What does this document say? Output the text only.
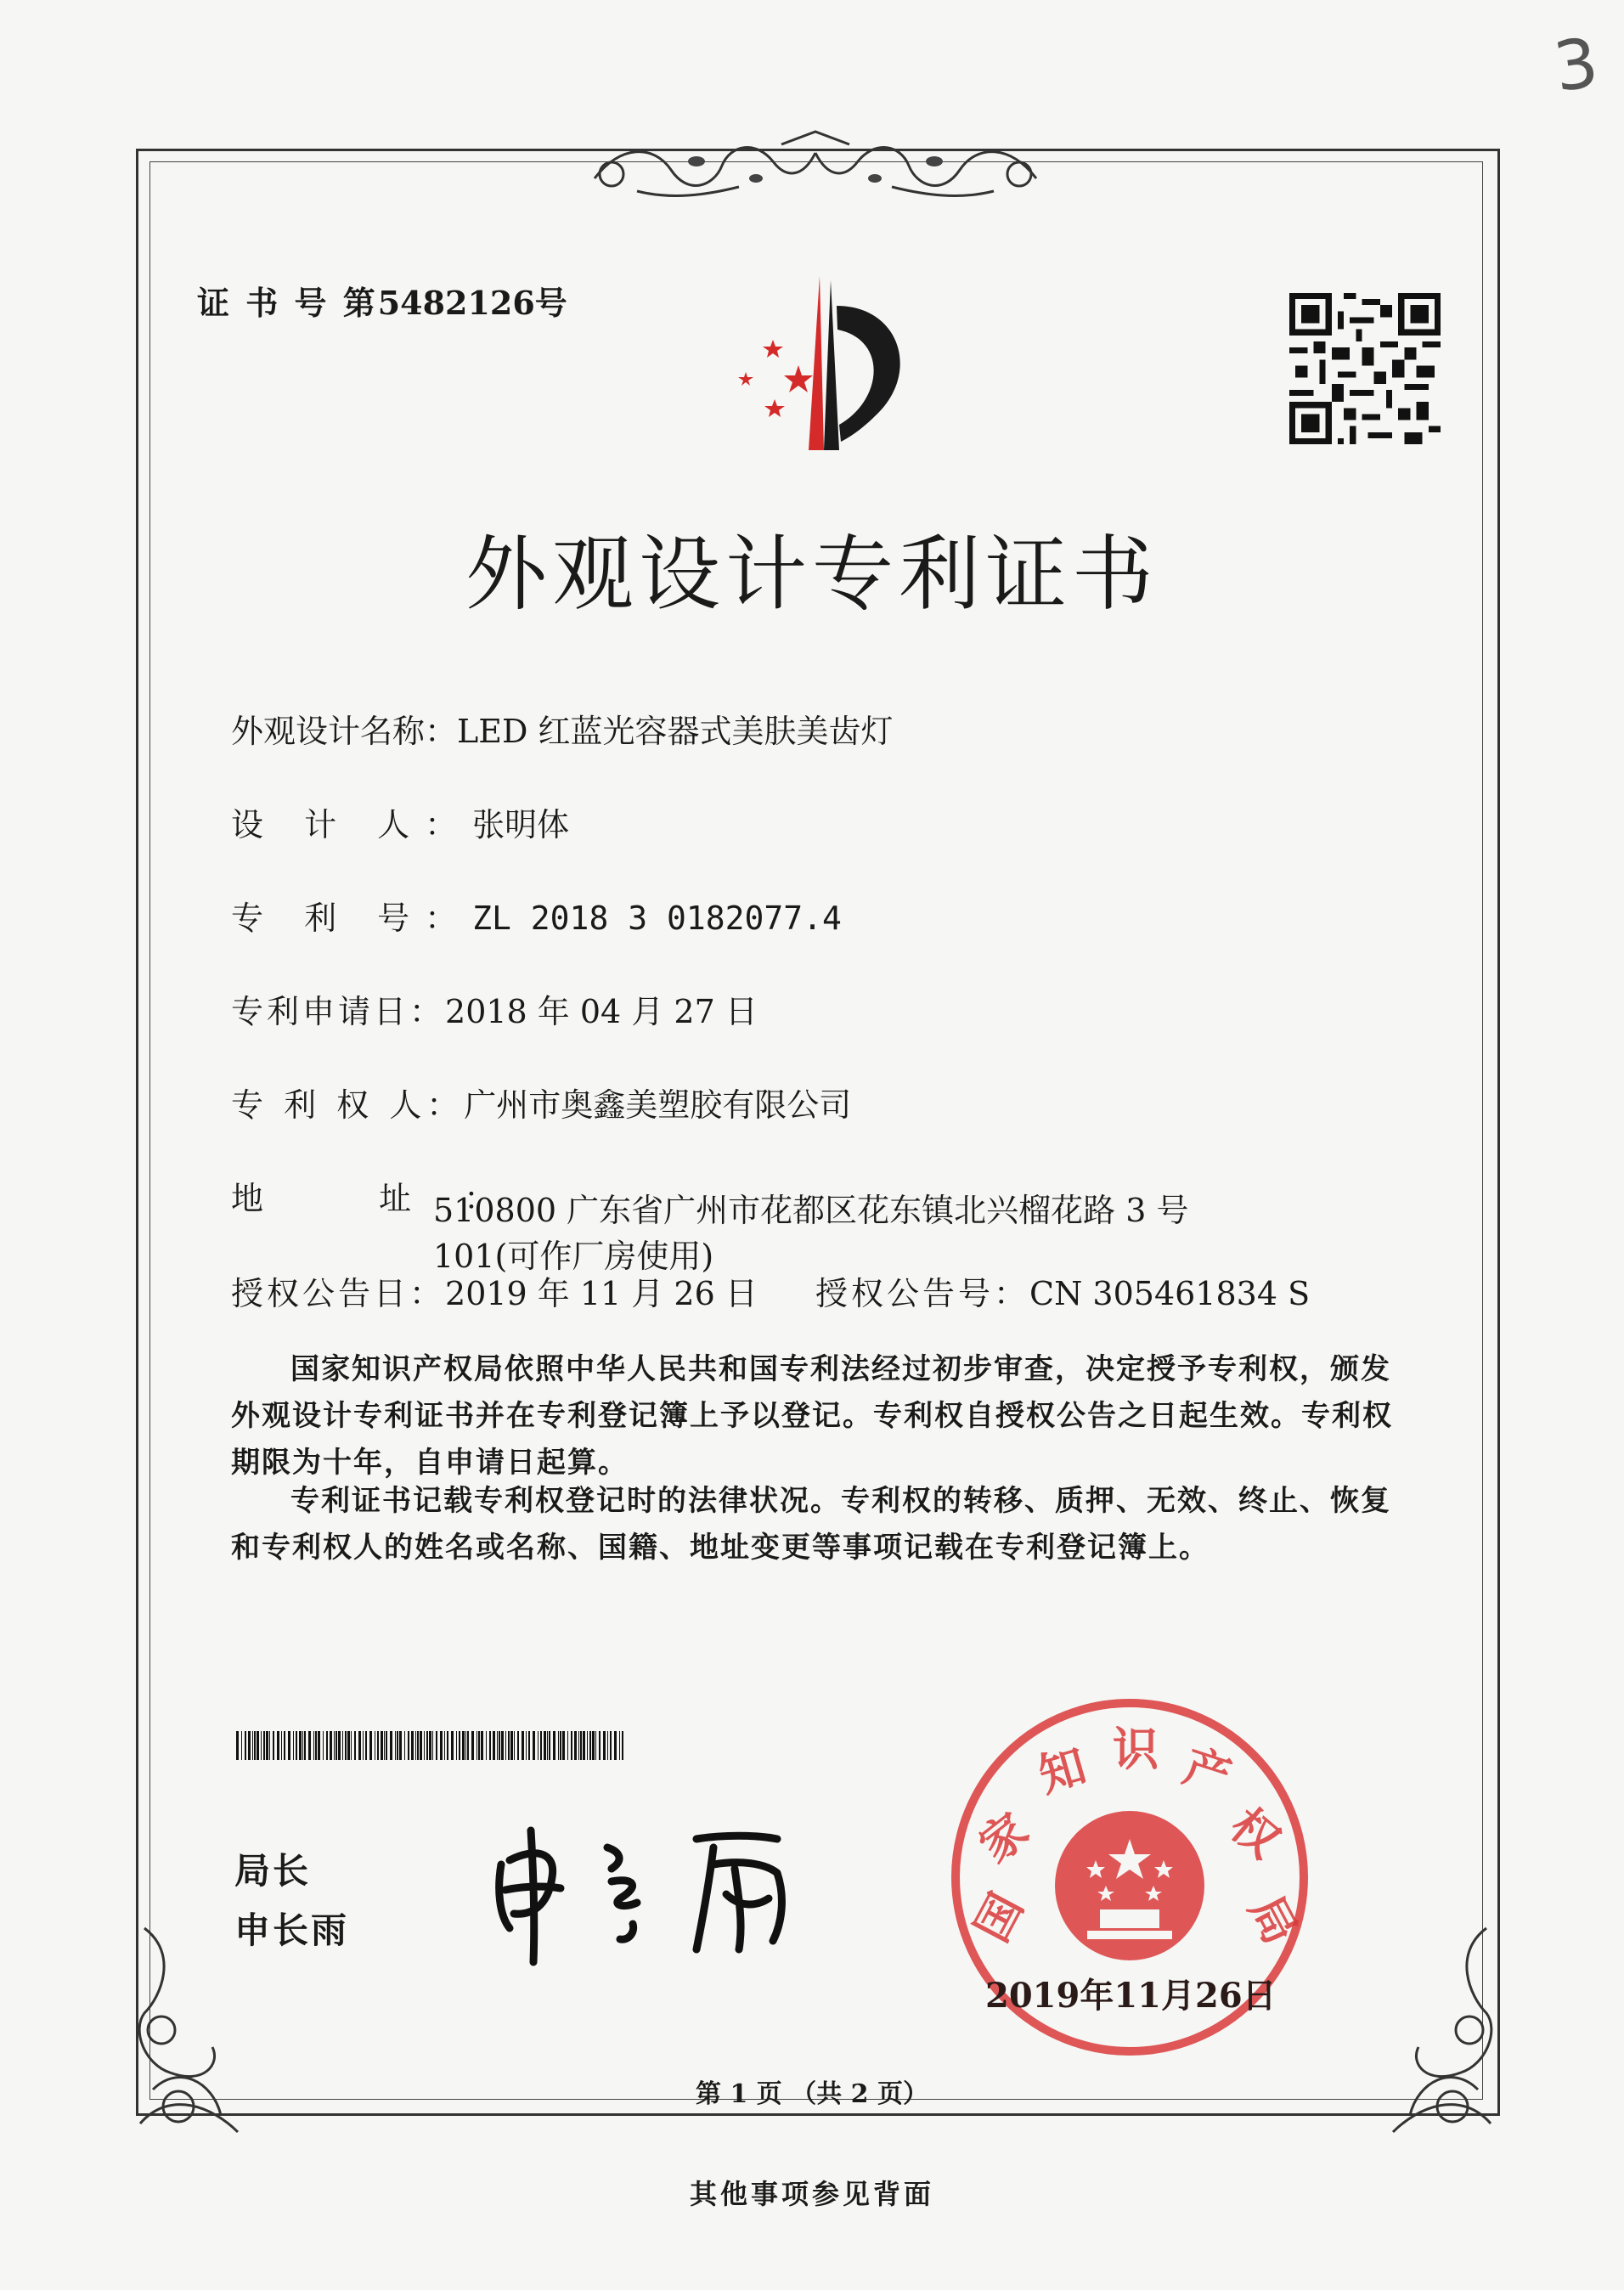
3
证 书 号 第5482126号
外观设计专利证书
外观设计名称：LED 红蓝光容器式美肤美齿灯
设 计 人：张明体
专 利 号：ZL 2018 3 0182077.4
专利申请日：2018 年 04 月 27 日
专 利 权 人：广州市奥鑫美塑胶有限公司
地 址：
510800 广东省广州市花都区花东镇北兴榴花路 3 号 101(可作厂房使用)
授权公告日：2019 年 11 月 26 日 授权公告号：CN 305461834 S
国家知识产权局依照中华人民共和国专利法经过初步审查，决定授予专利权，颁发外观设计专利证书并在专利登记簿上予以登记。专利权自授权公告之日起生效。专利权期限为十年，自申请日起算。
专利证书记载专利权登记时的法律状况。专利权的转移、质押、无效、终止、恢复和专利权人的姓名或名称、国籍、地址变更等事项记载在专利登记簿上。
局长
申长雨	国
家
知 识 产
权
局
2019年11月26日
第 1 页 （共 2 页）
其他事项参见背面
